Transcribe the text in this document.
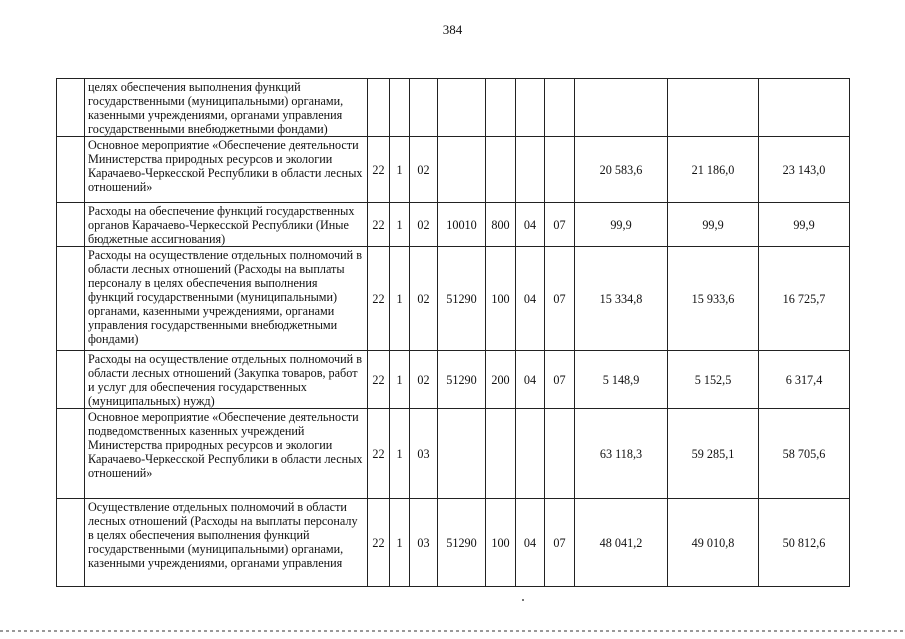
384
	целях обеспечения выполнения функций государственными (муниципальными) органами, казенными учреждениями, органами управления государственными внебюджетными фондами)										
	Основное мероприятие «Обеспечение деятельности Министерства природных ресурсов и экологии Карачаево-Черкесской Республики в области лесных отношений»	22	1	02					20 583,6	21 186,0	23 143,0
	Расходы на обеспечение функций государственных органов Карачаево-Черкесской Республики (Иные бюджетные ассигнования)	22	1	02	10010	800	04	07	99,9	99,9	99,9
	Расходы на осуществление отдельных полномочий в области лесных отношений (Расходы на выплаты персоналу в целях обеспечения выполнения функций государственными (муниципальными) органами, казенными учреждениями, органами управления государственными внебюджетными фондами)	22	1	02	51290	100	04	07	15 334,8	15 933,6	16 725,7
	Расходы на осуществление отдельных полномочий в области лесных отношений (Закупка товаров, работ и услуг для обеспечения государственных (муниципальных) нужд)	22	1	02	51290	200	04	07	5 148,9	5 152,5	6 317,4
	Основное мероприятие «Обеспечение деятельности подведомственных казенных учреждений Министерства природных ресурсов и экологии Карачаево-Черкесской Республики в области лесных отношений»	22	1	03					63 118,3	59 285,1	58 705,6
	Осуществление отдельных полномочий в области лесных отношений (Расходы на выплаты персоналу в целях обеспечения выполнения функций государственными (муниципальными) органами, казенными учреждениями, органами управления	22	1	03	51290	100	04	07	48 041,2	49 010,8	50 812,6
